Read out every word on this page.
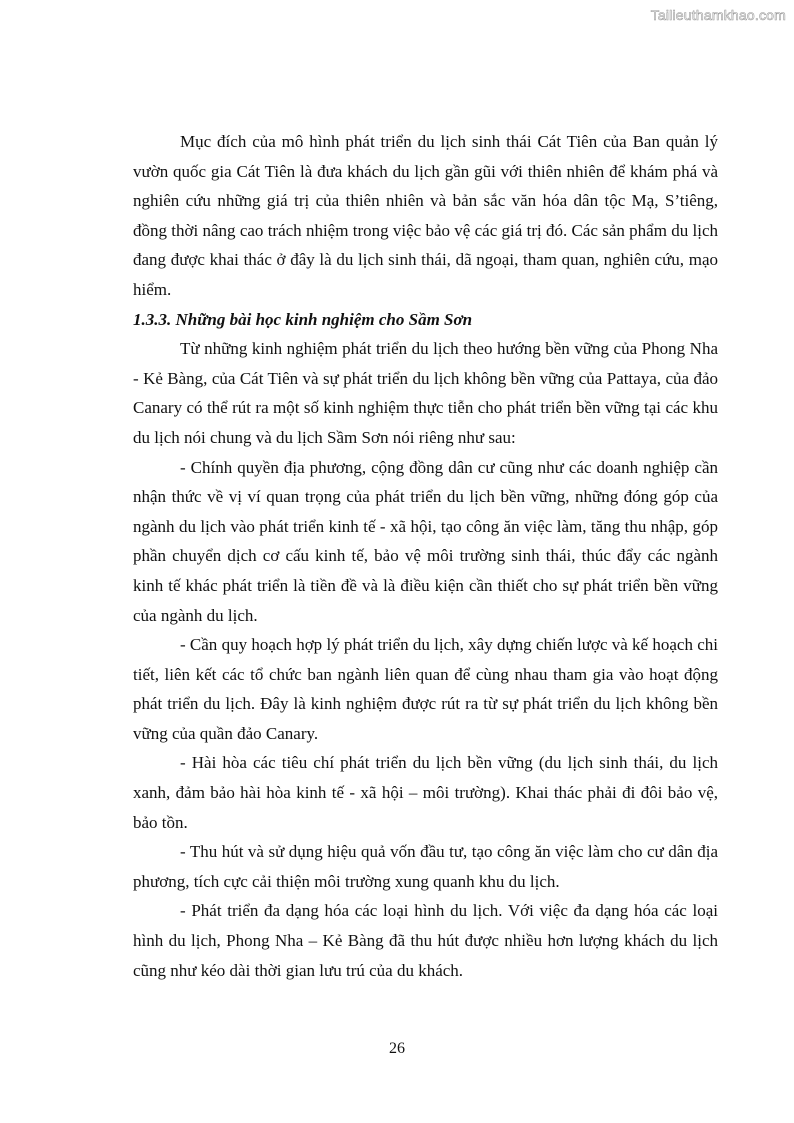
Tailieuthamkhao.com

Mục đích của mô hình phát triển du lịch sinh thái Cát Tiên của Ban quản lý vườn quốc gia Cát Tiên là đưa khách du lịch gần gũi với thiên nhiên để khám phá và nghiên cứu những giá trị của thiên nhiên và bản sắc văn hóa dân tộc Mạ, S’tiêng, đồng thời nâng cao trách nhiệm trong việc bảo vệ các giá trị đó. Các sản phẩm du lịch đang được khai thác ở đây là du lịch sinh thái, dã ngoại, tham quan, nghiên cứu, mạo hiểm.

1.3.3. Những bài học kinh nghiệm cho Sầm Sơn

Từ những kinh nghiệm phát triển du lịch theo hướng bền vững của Phong Nha - Kẻ Bàng, của Cát Tiên và sự phát triển du lịch không bền vững của Pattaya, của đảo Canary có thể rút ra một số kinh nghiệm thực tiễn cho phát triển bền vững tại các khu du lịch nói chung và du lịch Sầm Sơn nói riêng như sau:

- Chính quyền địa phương, cộng đồng dân cư cũng như các doanh nghiệp cần nhận thức về vị ví quan trọng của phát triển du lịch bền vững, những đóng góp của ngành du lịch vào phát triển kinh tế - xã hội, tạo công ăn việc làm, tăng thu nhập, góp phần chuyển dịch cơ cấu kinh tế, bảo vệ môi trường sinh thái, thúc đẩy các ngành kinh tế khác phát triển là tiền đề và là điều kiện cần thiết cho sự phát triển bền vững của ngành du lịch.

- Cần quy hoạch hợp lý phát triển du lịch, xây dựng chiến lược và kế hoạch chi tiết, liên kết các tổ chức ban ngành liên quan để cùng nhau tham gia vào hoạt động phát triển du lịch. Đây là kinh nghiệm được rút ra từ sự phát triển du lịch không bền vững của quần đảo Canary.

- Hài hòa các tiêu chí phát triển du lịch bền vững (du lịch sinh thái, du lịch xanh, đảm bảo hài hòa kinh tế - xã hội – môi trường). Khai thác phải đi đôi bảo vệ, bảo tồn.

- Thu hút và sử dụng hiệu quả vốn đầu tư, tạo công ăn việc làm cho cư dân địa phương, tích cực cải thiện môi trường xung quanh khu du lịch.

- Phát triển đa dạng hóa các loại hình du lịch. Với việc đa dạng hóa các loại hình du lịch, Phong Nha – Kẻ Bàng đã thu hút được nhiều hơn lượng khách du lịch cũng như kéo dài thời gian lưu trú của du khách.

26
